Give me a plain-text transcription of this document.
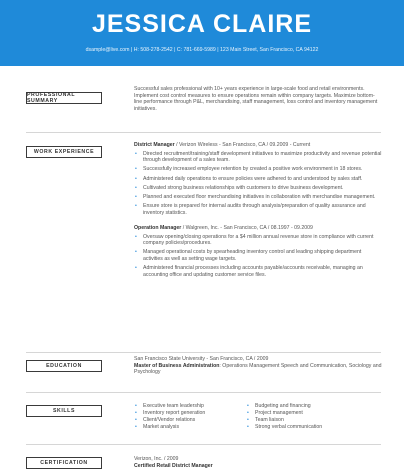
JESSICA CLAIRE
dsample@live.com | H: 508-278-2542 | C: 781-669-5989 | 123 Main Street, San Francisco, CA 94122
PROFESSIONAL SUMMARY
Successful sales professional with 10+ years experience in large-scale food and retail environments. Implement cost control measures to ensure operations remain within company targets. Maximize bottom-line performance through P&L, merchandising, staff management, loss control and inventory management initiatives.
WORK EXPERIENCE
District Manager / Verizon Wireless - San Francisco, CA / 09.2009 - Current
• Directed recruitment/training/staff development initiatives to maximize productivity and revenue potential through development of a sales team.
• Successfully increased employee retention by created a positive work environment in 18 stores.
• Administered daily operations to ensure policies were adhered to and understood by sales staff.
• Cultivated strong business relationships with customers to drive business development.
• Planned and executed floor merchandising initiatives in collaboration with merchandise management.
• Ensure store is prepared for internal audits through analysis/preparation of quality assurance and inventory statistics.
Operation Manager / Walgreen, Inc. - San Francisco, CA / 08.1997 - 09.2009
• Oversaw opening/closing operations for a $4 million annual revenue store in compliance with current company policies/procedures.
• Managed operational costs by spearheading inventory control and leading shipping department activities as well as setting wage targets.
• Administered financial processes including accounts payable/accounts receivable, managing an accounting office and updating customer service files.
EDUCATION
San Francisco State University - San Francisco, CA / 2009
Master of Business Administration: Operations Management Speech and Communication, Sociology and Psychology
SKILLS
• Executive team leadership
• Inventory report generation
• Client/Vendor relations
• Market analysis
• Budgeting and financing
• Project management
• Team liaison
• Strong verbal communication
CERTIFICATION
Verizon, Inc. / 2009
Certified Retail District Manager
